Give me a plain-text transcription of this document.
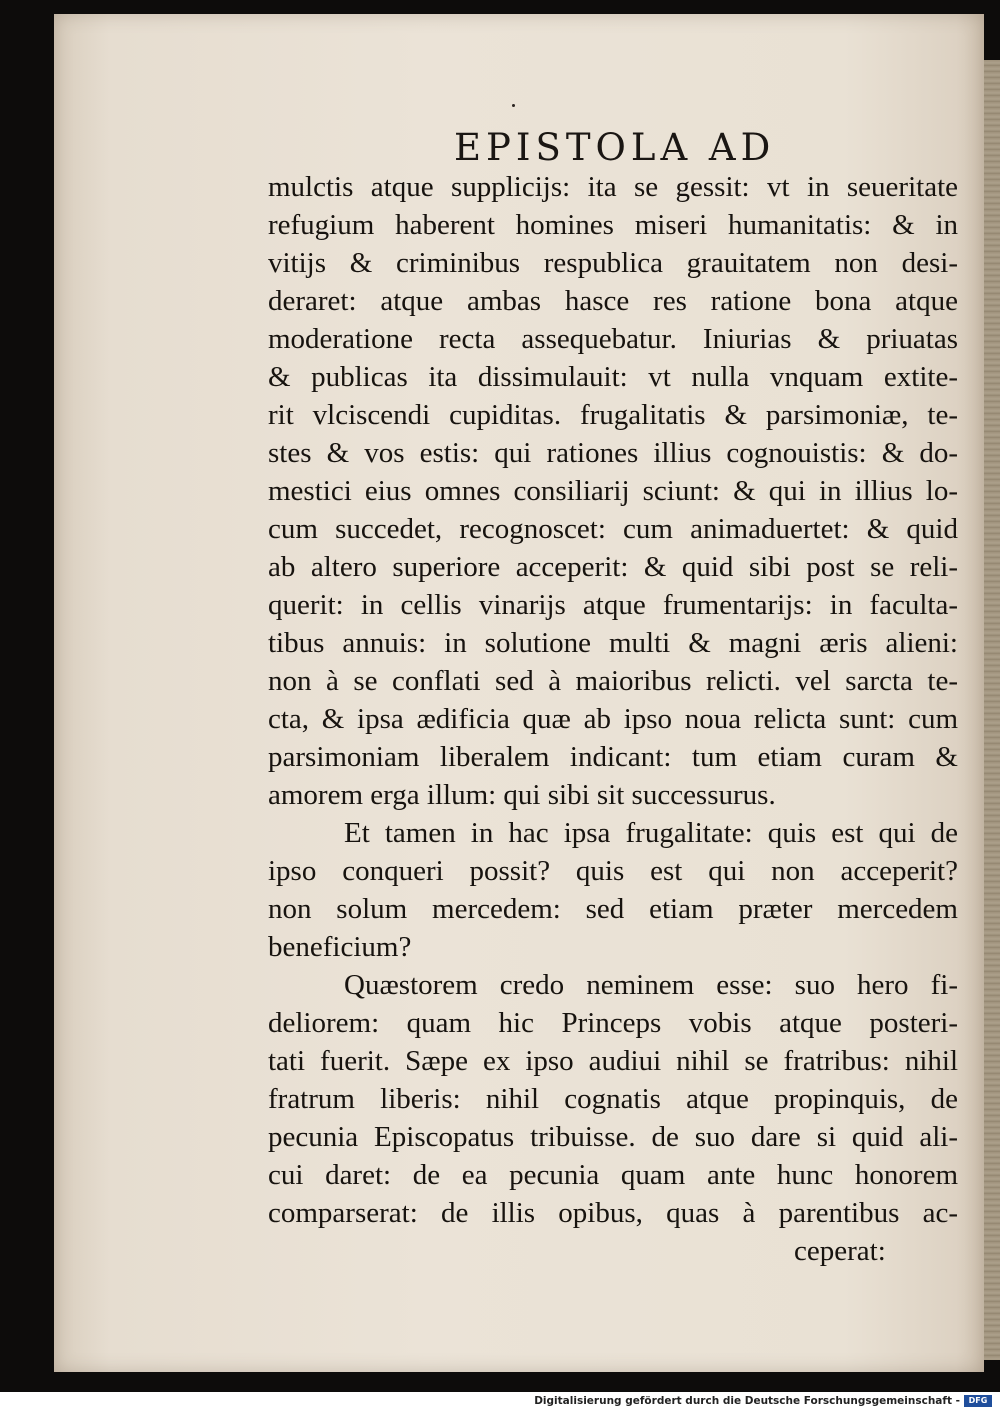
EPISTOLA AD
mulctis atque supplicijs: ita se gessit: vt in seueritate
refugium haberent homines miseri humanitatis: & in
vitijs & criminibus respublica grauitatem non desi-
deraret: atque ambas hasce res ratione bona atque
moderatione recta assequebatur. Iniurias & priuatas
& publicas ita dissimulauit: vt nulla vnquam extite-
rit vlciscendi cupiditas. frugalitatis & parsimoniæ, te-
stes & vos estis: qui rationes illius cognouistis: & do-
mestici eius omnes consiliarij sciunt: & qui in illius lo-
cum succedet, recognoscet: cum animaduertet: & quid
ab altero superiore acceperit: & quid sibi post se reli-
querit: in cellis vinarijs atque frumentarijs: in faculta-
tibus annuis: in solutione multi & magni æris alieni:
non à se conflati sed à maioribus relicti. vel sarcta te-
cta, & ipsa ædificia quæ ab ipso noua relicta sunt: cum
parsimoniam liberalem indicant: tum etiam curam &
amorem erga illum: qui sibi sit successurus.
Et tamen in hac ipsa frugalitate: quis est qui de
ipso conqueri possit? quis est qui non acceperit?
non solum mercedem: sed etiam præter mercedem
beneficium?
Quæstorem credo neminem esse: suo hero fi-
deliorem: quam hic Princeps vobis atque posteri-
tati fuerit. Sæpe ex ipso audiui nihil se fratribus: nihil
fratrum liberis: nihil cognatis atque propinquis, de
pecunia Episcopatus tribuisse. de suo dare si quid ali-
cui daret: de ea pecunia quam ante hunc honorem
comparserat: de illis opibus, quas à parentibus ac-
ceperat:
Digitalisierung gefördert durch die Deutsche Forschungsgemeinschaft -	DFG
